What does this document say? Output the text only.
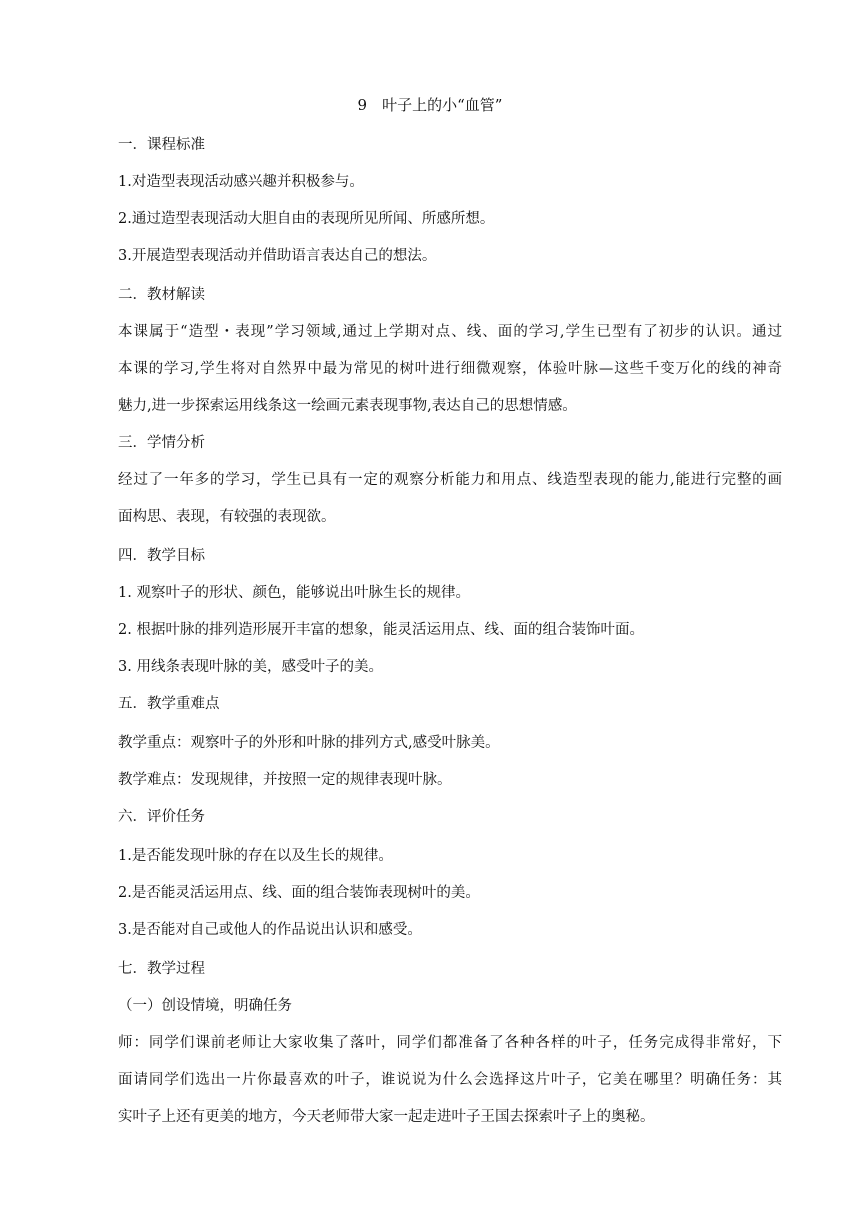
9　叶子上的小“血管”
一．课程标准
1.对造型表现活动感兴趣并积极参与。
2.通过造型表现活动大胆自由的表现所见所闻、所感所想。
3.开展造型表现活动并借助语言表达自己的想法。
二．教材解读
本课属于“造型・表现”学习领域,通过上学期对点、线、面的学习,学生已型有了初步的认识。通过
本课的学习,学生将对自然界中最为常见的树叶进行细微观察，体验叶脉—这些千变万化的线的神奇
魅力,进一步探索运用线条这一绘画元素表现事物,表达自己的思想情感。
三．学情分析
经过了一年多的学习，学生已具有一定的观察分析能力和用点、线造型表现的能力,能进行完整的画
面构思、表现，有较强的表现欲。
四．教学目标
1. 观察叶子的形状、颜色，能够说出叶脉生长的规律。
2. 根据叶脉的排列造形展开丰富的想象，能灵活运用点、线、面的组合装饰叶面。
3. 用线条表现叶脉的美，感受叶子的美。
五．教学重难点
教学重点：观察叶子的外形和叶脉的排列方式,感受叶脉美。
教学难点：发现规律，并按照一定的规律表现叶脉。
六．评价任务
1.是否能发现叶脉的存在以及生长的规律。
2.是否能灵活运用点、线、面的组合装饰表现树叶的美。
3.是否能对自己或他人的作品说出认识和感受。
七．教学过程
（一）创设情境，明确任务
师：同学们课前老师让大家收集了落叶，同学们都准备了各种各样的叶子，任务完成得非常好，下
面请同学们选出一片你最喜欢的叶子，谁说说为什么会选择这片叶子，它美在哪里？明确任务：其
实叶子上还有更美的地方，今天老师带大家一起走进叶子王国去探索叶子上的奥秘。
